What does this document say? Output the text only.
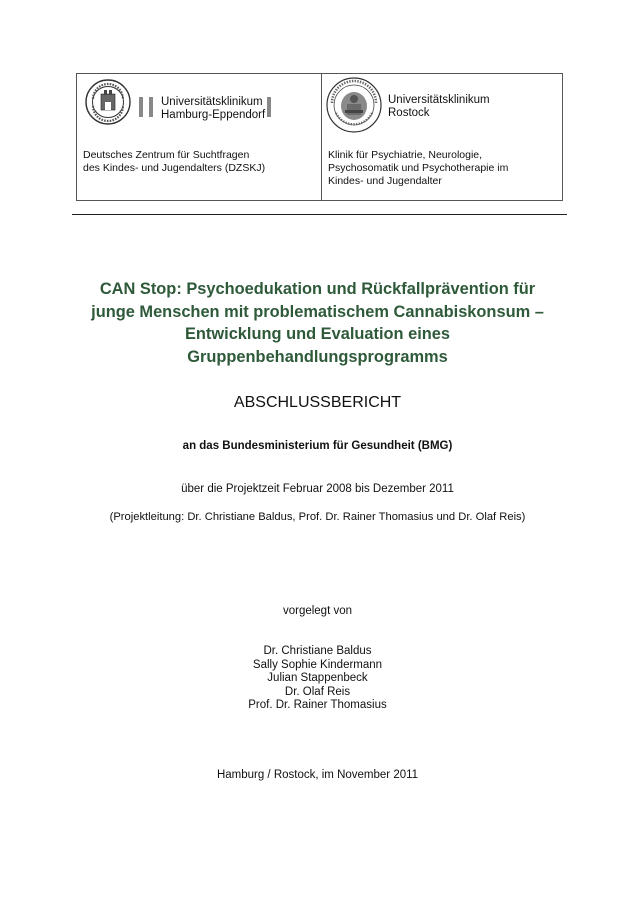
Universitätsklinikum
Hamburg-Eppendorf
Deutsches Zentrum für Suchtfragen
des Kindes- und Jugendalters (DZSKJ)
Universitätsklinikum
Rostock
Klinik für Psychiatrie, Neurologie,
Psychosomatik und Psychotherapie im
Kindes- und Jugendalter
CAN Stop: Psychoedukation und Rückfallprävention für
junge Menschen mit problematischem Cannabiskonsum –
Entwicklung und Evaluation eines
Gruppenbehandlungsprogramms
ABSCHLUSSBERICHT
an das Bundesministerium für Gesundheit (BMG)
über die Projektzeit Februar 2008 bis Dezember 2011
(Projektleitung: Dr. Christiane Baldus, Prof. Dr. Rainer Thomasius und Dr. Olaf Reis)
vorgelegt von
Dr. Christiane Baldus
Sally Sophie Kindermann
Julian Stappenbeck
Dr. Olaf Reis
Prof. Dr. Rainer Thomasius
Hamburg / Rostock, im November 2011
